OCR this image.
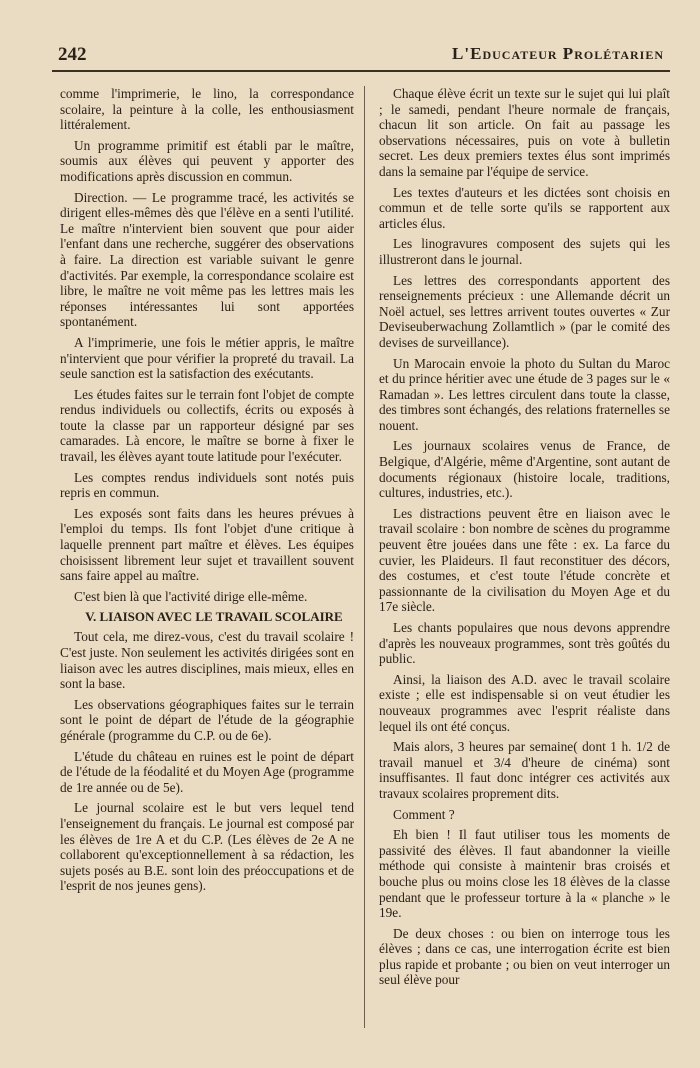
242	L'Educateur Prolétarien

comme l'imprimerie, le lino, la correspondance scolaire, la peinture à la colle, les enthousiasment littéralement.

Un programme primitif est établi par le maître, soumis aux élèves qui peuvent y apporter des modifications après discussion en commun.

Direction. — Le programme tracé, les activités se dirigent elles-mêmes dès que l'élève en a senti l'utilité. Le maître n'intervient bien souvent que pour aider l'enfant dans une recherche, suggérer des observations à faire. La direction est variable suivant le genre d'activités. Par exemple, la correspondance scolaire est libre, le maître ne voit même pas les lettres mais les réponses intéressantes lui sont apportées spontanément.

A l'imprimerie, une fois le métier appris, le maître n'intervient que pour vérifier la propreté du travail. La seule sanction est la satisfaction des exécutants.

Les études faites sur le terrain font l'objet de compte rendus individuels ou collectifs, écrits ou exposés à toute la classe par un rapporteur désigné par ses camarades. Là encore, le maître se borne à fixer le travail, les élèves ayant toute latitude pour l'exécuter.

Les comptes rendus individuels sont notés puis repris en commun.

Les exposés sont faits dans les heures prévues à l'emploi du temps. Ils font l'objet d'une critique à laquelle prennent part maître et élèves. Les équipes choisissent librement leur sujet et travaillent souvent sans faire appel au maître.

C'est bien là que l'activité dirige elle-même.

V. LIAISON AVEC LE TRAVAIL SCOLAIRE

Tout cela, me direz-vous, c'est du travail scolaire ! C'est juste. Non seulement les activités dirigées sont en liaison avec les autres disciplines, mais mieux, elles en sont la base.

Les observations géographiques faites sur le terrain sont le point de départ de l'étude de la géographie générale (programme du C.P. ou de 6e).

L'étude du château en ruines est le point de départ de l'étude de la féodalité et du Moyen Age (programme de 1re année ou de 5e).

Le journal scolaire est le but vers lequel tend l'enseignement du français. Le journal est composé par les élèves de 1re A et du C.P. (Les élèves de 2e A ne collaborent qu'exceptionnellement à sa rédaction, les sujets posés au B.E. sont loin des préoccupations et de l'esprit de nos jeunes gens).

Chaque élève écrit un texte sur le sujet qui lui plaît ; le samedi, pendant l'heure normale de français, chacun lit son article. On fait au passage les observations nécessaires, puis on vote à bulletin secret. Les deux premiers textes élus sont imprimés dans la semaine par l'équipe de service.

Les textes d'auteurs et les dictées sont choisis en commun et de telle sorte qu'ils se rapportent aux articles élus.

Les linogravures composent des sujets qui les illustreront dans le journal.

Les lettres des correspondants apportent des renseignements précieux : une Allemande décrit un Noël actuel, ses lettres arrivent toutes ouvertes « Zur Deviseuberwachung Zollamtlich » (par le comité des devises de surveillance).

Un Marocain envoie la photo du Sultan du Maroc et du prince héritier avec une étude de 3 pages sur le « Ramadan ». Les lettres circulent dans toute la classe, des timbres sont échangés, des relations fraternelles se nouent.

Les journaux scolaires venus de France, de Belgique, d'Algérie, même d'Argentine, sont autant de documents régionaux (histoire locale, traditions, cultures, industries, etc.).

Les distractions peuvent être en liaison avec le travail scolaire : bon nombre de scènes du programme peuvent être jouées dans une fête : ex. La farce du cuvier, les Plaideurs. Il faut reconstituer des décors, des costumes, et c'est toute l'étude concrète et passionnante de la civilisation du Moyen Age et du 17e siècle.

Les chants populaires que nous devons apprendre d'après les nouveaux programmes, sont très goûtés du public.

Ainsi, la liaison des A.D. avec le travail scolaire existe ; elle est indispensable si on veut étudier les nouveaux programmes avec l'esprit réaliste dans lequel ils ont été conçus.

Mais alors, 3 heures par semaine( dont 1 h. 1/2 de travail manuel et 3/4 d'heure de cinéma) sont insuffisantes. Il faut donc intégrer ces activités aux travaux scolaires proprement dits.

Comment ?

Eh bien ! Il faut utiliser tous les moments de passivité des élèves. Il faut abandonner la vieille méthode qui consiste à maintenir bras croisés et bouche plus ou moins close les 18 élèves de la classe pendant que le professeur torture à la « planche » le 19e.

De deux choses : ou bien on interroge tous les élèves ; dans ce cas, une interrogation écrite est bien plus rapide et probante ; ou bien on veut interroger un seul élève pour
